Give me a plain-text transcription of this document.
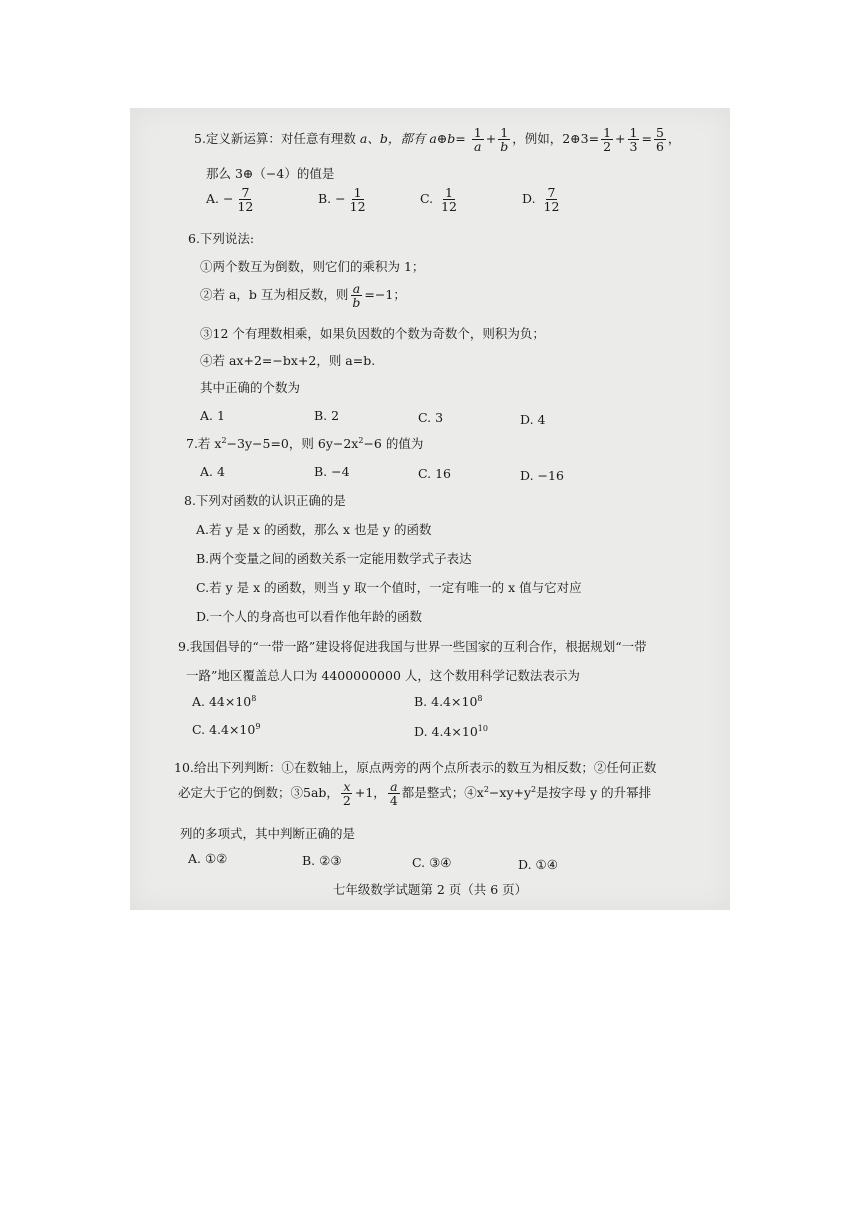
5.定义新运算：对任意有理数 a、b，都有 a⊕b= $\frac{1}{a} + \frac{1}{b}$ ，例如，2⊕3= $\frac{1}{2} + \frac{1}{3} = \frac{5}{6}$ ，
那么 3⊕（−4）的值是
A. − $\frac{7}{12}$	B. − $\frac{1}{12}$	C. $\frac{1}{12}$	D. $\frac{7}{12}$
6.下列说法:
①两个数互为倒数，则它们的乘积为 1；
②若 a，b 互为相反数，则 $\frac{a}{b} =-1$；
③12 个有理数相乘，如果负因数的个数为奇数个，则积为负；
④若 ax+2=−bx+2，则 a=b.
其中正确的个数为
A. 1	B. 2	C. 3	D. 4
7.若 $x^2-3y-5=0$，则 $6y-2x^2-6$ 的值为
A. 4	B. −4	C. 16	D. −16
8.下列对函数的认识正确的是
A.若 y 是 x 的函数，那么 x 也是 y 的函数
B.两个变量之间的函数关系一定能用数学式子表达
C.若 y 是 x 的函数，则当 y 取一个值时，一定有唯一的 x 值与它对应
D.一个人的身高也可以看作他年龄的函数
9.我国倡导的“一带一路”建设将促进我国与世界一些国家的互利合作，根据规划“一带
一路”地区覆盖总人口为 4400000000 人，这个数用科学记数法表示为
A. $44\times 10^8$	B. $4.4\times 10^8$
C. $4.4\times 10^9$	D. $4.4\times 10^{10}$
10.给出下列判断：①在数轴上，原点两旁的两个点所表示的数互为相反数；②任何正数
必定大于它的倒数；③5ab， $\frac{x}{2} +1$， $\frac{a}{4}$ 都是整式；$④x^2-xy+y^2$是按字母 y 的升幂排
列的多项式，其中判断正确的是
A. ①②	B. ②③	C. ③④	D. ①④
七年级数学试题第 2 页（共 6 页）
